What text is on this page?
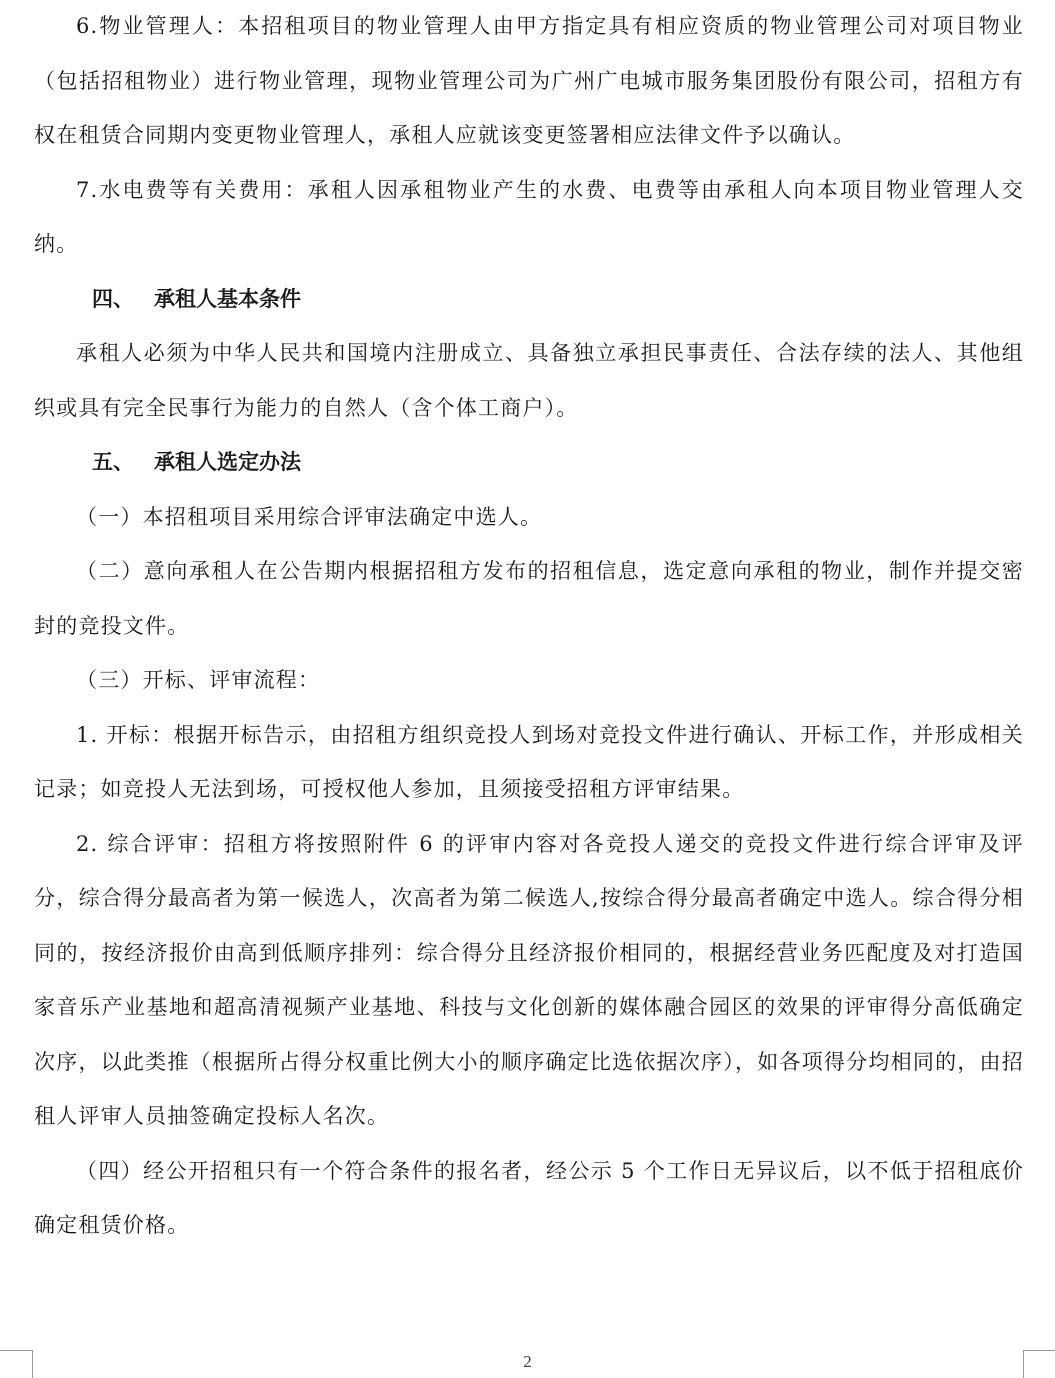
6.物业管理人：本招租项目的物业管理人由甲方指定具有相应资质的物业管理公司对项目物业（包括招租物业）进行物业管理，现物业管理公司为广州广电城市服务集团股份有限公司，招租方有权在租赁合同期内变更物业管理人，承租人应就该变更签署相应法律文件予以确认。

7.水电费等有关费用：承租人因承租物业产生的水费、电费等由承租人向本项目物业管理人交纳。

四、 承租人基本条件

承租人必须为中华人民共和国境内注册成立、具备独立承担民事责任、合法存续的法人、其他组织或具有完全民事行为能力的自然人（含个体工商户）。

五、 承租人选定办法

（一）本招租项目采用综合评审法确定中选人。

（二）意向承租人在公告期内根据招租方发布的招租信息，选定意向承租的物业，制作并提交密封的竞投文件。

（三）开标、评审流程：

1. 开标：根据开标告示，由招租方组织竞投人到场对竞投文件进行确认、开标工作，并形成相关记录；如竞投人无法到场，可授权他人参加，且须接受招租方评审结果。

2. 综合评审：招租方将按照附件 6 的评审内容对各竞投人递交的竞投文件进行综合评审及评分，综合得分最高者为第一候选人，次高者为第二候选人,按综合得分最高者确定中选人。综合得分相同的，按经济报价由高到低顺序排列：综合得分且经济报价相同的，根据经营业务匹配度及对打造国家音乐产业基地和超高清视频产业基地、科技与文化创新的媒体融合园区的效果的评审得分高低确定次序，以此类推（根据所占得分权重比例大小的顺序确定比选依据次序），如各项得分均相同的，由招租人评审人员抽签确定投标人名次。

（四）经公开招租只有一个符合条件的报名者，经公示 5 个工作日无异议后，以不低于招租底价确定租赁价格。

2
